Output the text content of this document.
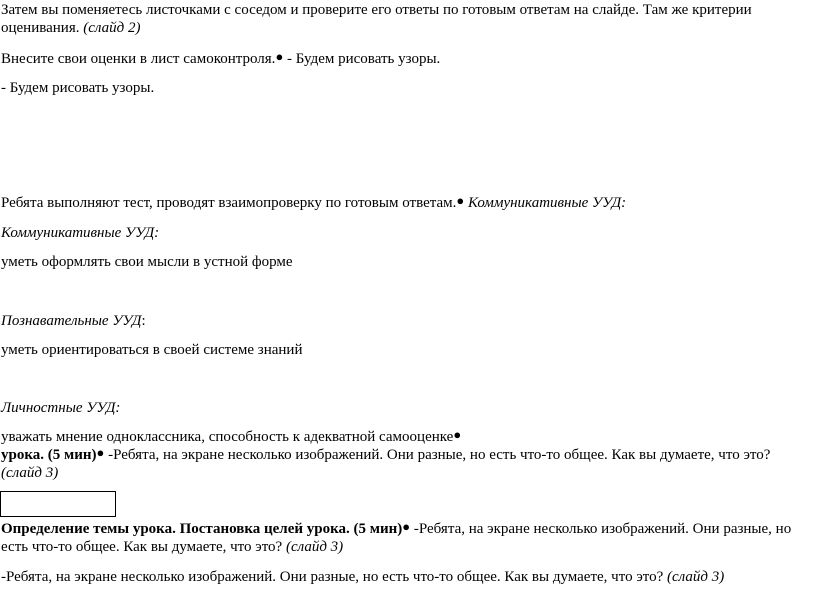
Затем вы поменяетесь листочками с соседом и проверите его ответы по готовым ответам на слайде. Там же критерии оценивания. (слайд 2)
Внесите свои оценки в лист самоконтроля.● - Будем рисовать узоры.
- Будем рисовать узоры.
Ребята выполняют тест, проводят взаимопроверку по готовым ответам.● Коммуникативные УУД:
Коммуникативные УУД:
уметь оформлять свои мысли в устной форме
Познавательные УУД:
уметь ориентироваться в своей системе знаний
Личностные УУД:
уважать мнение одноклассника, способность к адекватной самооценке●
урока. (5 мин)● -Ребята, на экране несколько изображений. Они разные, но есть что-то общее. Как вы думаете, что это? (слайд 3)
Определение темы урока. Постановка целей урока. (5 мин)● -Ребята, на экране несколько изображений. Они разные, но есть что-то общее. Как вы думаете, что это? (слайд 3)
-Ребята, на экране несколько изображений. Они разные, но есть что-то общее. Как вы думаете, что это? (слайд 3)
